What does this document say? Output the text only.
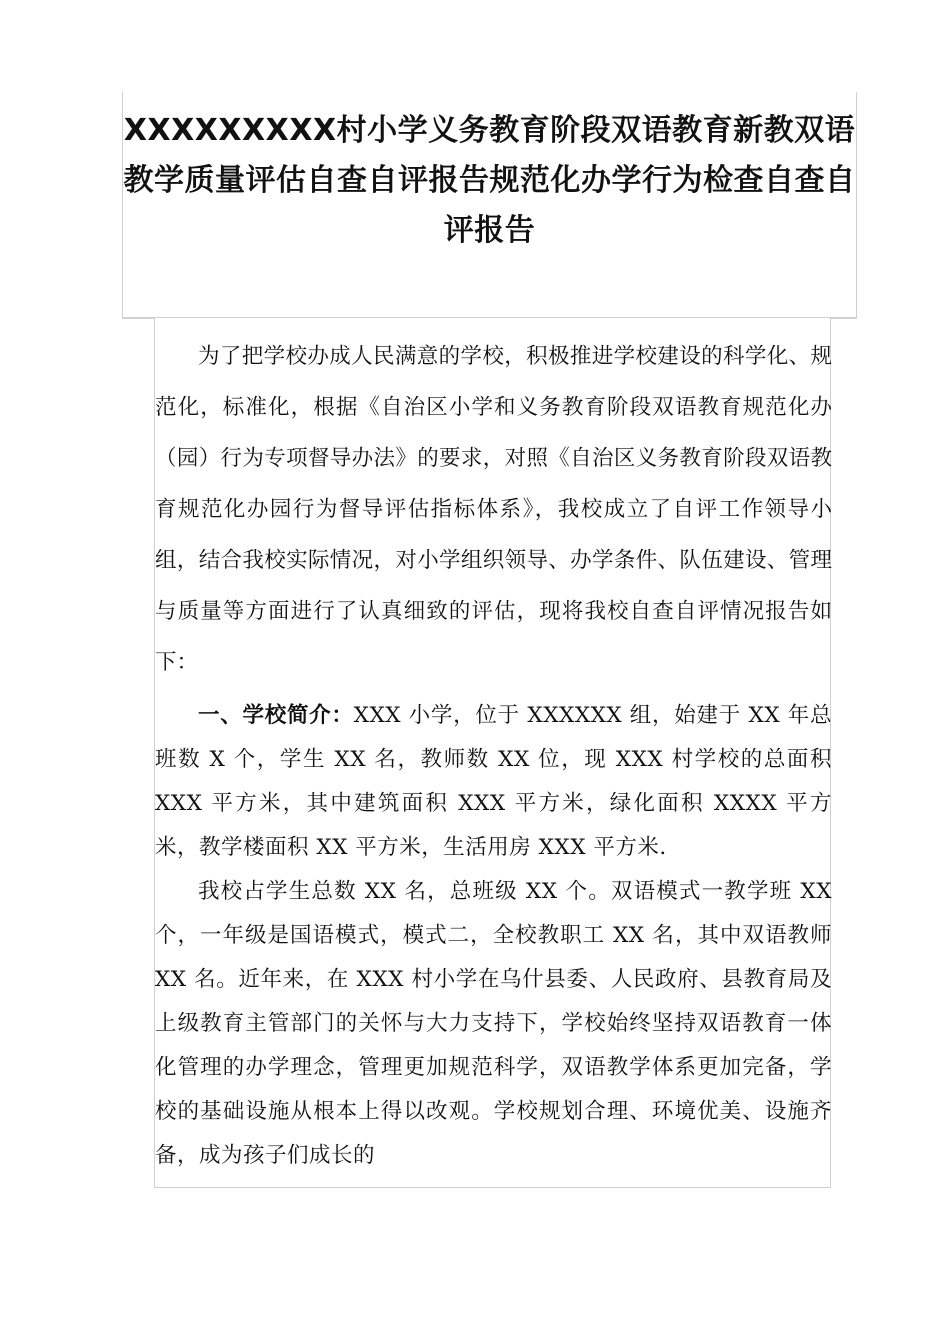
XXXXXXXXX村小学义务教育阶段双语教育新教双语教学质量评估自查自评报告规范化办学行为检查自查自评报告

为了把学校办成人民满意的学校，积极推进学校建设的科学化、规范化，标准化，根据《自治区小学和义务教育阶段双语教育规范化办（园）行为专项督导办法》的要求，对照《自治区义务教育阶段双语教育规范化办园行为督导评估指标体系》，我校成立了自评工作领导小组，结合我校实际情况，对小学组织领导、办学条件、队伍建设、管理与质量等方面进行了认真细致的评估，现将我校自查自评情况报告如下：

一、学校简介：XXX 小学，位于 XXXXXX 组，始建于 XX 年总班数 X 个，学生 XX 名，教师数 XX 位，现 XXX 村学校的总面积 XXX 平方米，其中建筑面积 XXX 平方米，绿化面积 XXXX 平方米，教学楼面积 XX 平方米，生活用房 XXX 平方米.

我校占学生总数 XX 名，总班级 XX 个。双语模式一教学班 XX 个，一年级是国语模式，模式二，全校教职工 XX 名，其中双语教师 XX 名。近年来，在 XXX 村小学在乌什县委、人民政府、县教育局及上级教育主管部门的关怀与大力支持下，学校始终坚持双语教育一体化管理的办学理念，管理更加规范科学，双语教学体系更加完备，学校的基础设施从根本上得以改观。学校规划合理、环境优美、设施齐备，成为孩子们成长的
